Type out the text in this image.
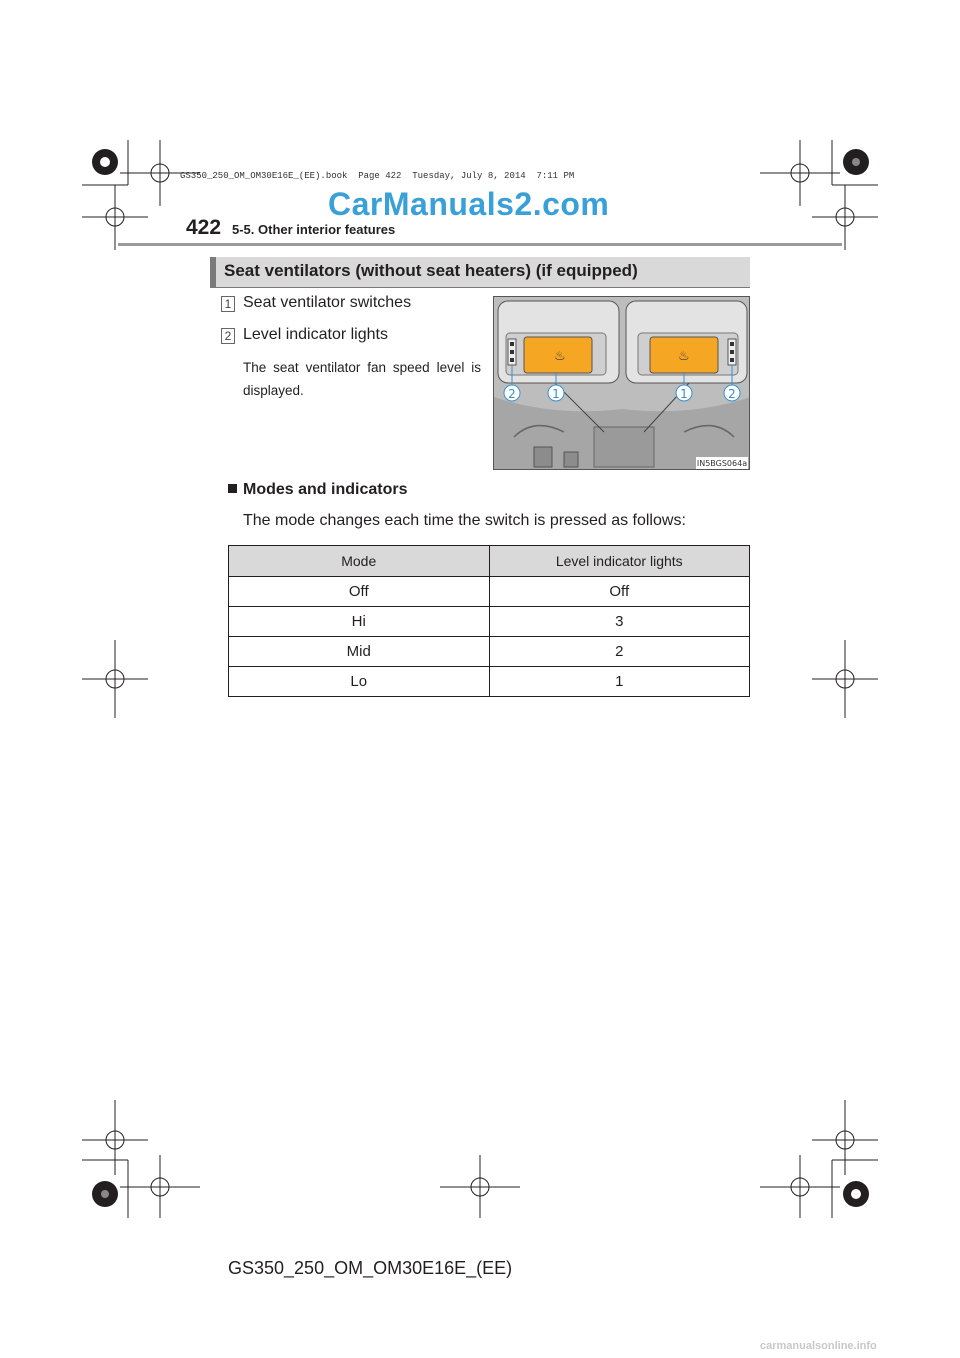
GS350_250_OM_OM30E16E_(EE).book  Page 422  Tuesday, July 8, 2014  7:11 PM
CarManuals2.com
422 5-5. Other interior features
Seat ventilators (without seat heaters) (if equipped)
1 Seat ventilator switches
2 Level indicator lights
The seat ventilator fan speed level is displayed.
♨	♨
2	1	1	2
IN5BGS064a
Modes and indicators
The mode changes each time the switch is pressed as follows:
Mode	Level indicator lights
Off	Off
Hi	3
Mid	2
Lo	1
GS350_250_OM_OM30E16E_(EE)
carmanualsonline.info
